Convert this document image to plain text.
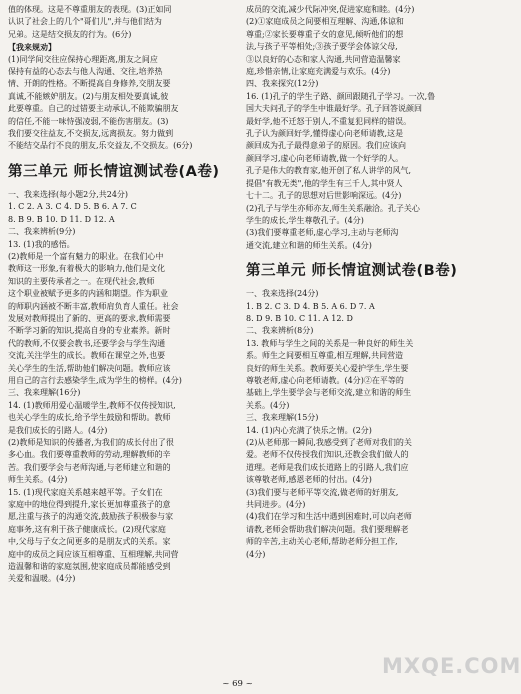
值的体现。这是不尊重朋友的表现。(3)正如同
认识了社会上的几个"哥们儿",并与他们结为
兄弟。这是结交损友的行为。(6分)
【我来规劝】
(1)同学间交往应保持心理距离,朋友之间应
保持有益的心态去与他人沟通、交往,培养热
情、开朗的性格。不断提高自身修养,交朋友要
真诚,不能嫉妒朋友。(2)与朋友相处要真诚,彼
此要尊重。自己的过错要主动承认,不能欺骗朋友
的信任,不能一味恃强凌弱,不能伤害朋友。(3)
我们要交往益友,不交损友,远离损友。努力做到
不能结交品行不良的朋友,乐交益友,不交损友。(6分)
第三单元 师长情谊测试卷(A卷)
一、我来选择(每小题2分,共24分)
1. C 2. A 3. C 4. D 5. B 6. A 7. C
8. B 9. B 10. D 11. D 12. A
二、我来辨析(9分)
13. (1)我的感悟。
(2)教师是一个富有魅力的职业。在我们心中
教师这一形象,有着极大的影响力,他们是文化
知识的主要传承者之一。在现代社会,教师
这个职业被赋予更多的内涵和期望。作为职业
的师职内涵被不断丰富,教师肩负育人重任。社会
发展对教师提出了新的、更高的要求,教师需要
不断学习新的知识,提高自身的专业素养。新时
代的教师,不仅要会教书,还要学会与学生沟通
交流,关注学生的成长。教师在课堂之外,也要
关心学生的生活,帮助他们解决问题。教师应该
用自己的言行去感染学生,成为学生的榜样。(4分)
三、我来理解(16分)
14. (1)教师用爱心温暖学生,教师不仅传授知识,
也关心学生的成长,给予学生鼓励和帮助。教师
是我们成长的引路人。(4分)
(2)教师是知识的传播者,为我们的成长付出了很
多心血。我们要尊重教师的劳动,理解教师的辛
苦。我们要学会与老师沟通,与老师建立和谐的
师生关系。(4分)
15. (1)现代家庭关系越来越平等。子女们在
家庭中的地位得到提升,家长更加尊重孩子的意
愿,注重与孩子的沟通交流,鼓励孩子积极参与家
庭事务,这有利于孩子健康成长。(2)现代家庭
中,父母与子女之间更多的是朋友式的关系。家
庭中的成员之间应该互相尊重、互相理解,共同营
造温馨和谐的家庭氛围,使家庭成员都能感受到
关爱和温暖。(4分)
成员的交流,减少代际冲突,促进家庭和睦。(4分)
(2)①家庭成员之间要相互理解、沟通,体谅和
尊重;②家长要尊重子女的意见,倾听他们的想
法,与孩子平等相处;③孩子要学会体谅父母,
③以良好的心态和家人沟通,共同营造温馨家
庭,珍惜亲情,让家庭充满爱与欢乐。(4分)
四、我来探究(12分)
16. (1)孔子的学生子路、颜回跟随孔子学习。一次,鲁
国大夫问孔子的学生中谁最好学。孔子回答说颜回
最好学,他不迁怒于别人,不重复犯同样的错误。
孔子认为颜回好学,懂得虚心向老师请教,这是
颜回成为孔子最得意弟子的原因。我们应该向
颜回学习,虚心向老师请教,做一个好学的人。
孔子是伟大的教育家,他开创了私人讲学的风气,
提倡"有教无类",他的学生有三千人,其中贤人
七十二。孔子的思想对后世影响深远。(4分)
(2)孔子与学生亦师亦友,师生关系融洽。孔子关心
学生的成长,学生尊敬孔子。(4分)
(3)我们要尊重老师,虚心学习,主动与老师沟
通交流,建立和谐的师生关系。(4分)
第三单元 师长情谊测试卷(B卷)
一、我来选择(24分)
1. B 2. C 3. D 4. B 5. A 6. D 7. A
8. D 9. B 10. C 11. A 12. D
二、我来辨析(8分)
13. 教师与学生之间的关系是一种良好的师生关
系。师生之间要相互尊重,相互理解,共同营造
良好的师生关系。教师要关心爱护学生,学生要
尊敬老师,虚心向老师请教。(4分)②在平等的
基础上,学生要学会与老师交流,建立和谐的师生
关系。(4分)
三、我来理解(15分)
14. (1)内心充满了快乐之情。(2分)
(2)从老师那一瞬间,我感受到了老师对我们的关
爱。老师不仅传授我们知识,还教会我们做人的
道理。老师是我们成长道路上的引路人,我们应
该尊敬老师,感恩老师的付出。(4分)
(3)我们要与老师平等交流,做老师的好朋友,
共同进步。(4分)
(4)我们在学习和生活中遇到困难时,可以向老师
请教,老师会帮助我们解决问题。我们要理解老
师的辛苦,主动关心老师,帮助老师分担工作,
(4分)
~ 69 ~
MXQE.COM
